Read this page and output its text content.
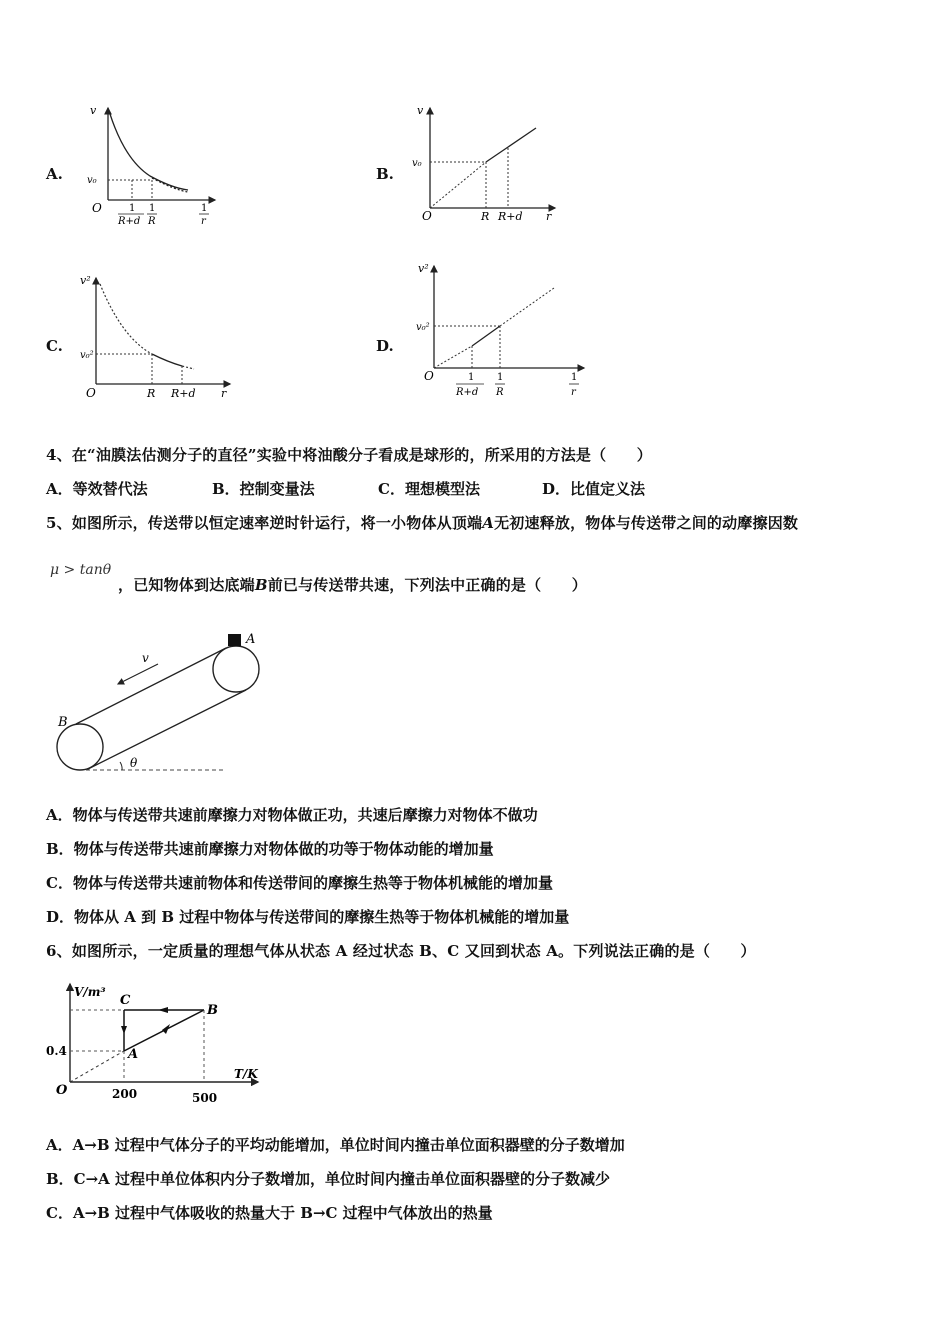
A.
v
v₀
O	1
R+d
1
R
1
r
B.
v
v₀
O	R R+d r
C.
v²
v₀²
O	R R+d r
D.
v²
v₀²
O	1
R+d
1
R
1
r
4、在“油膜法估测分子的直径”实验中将油酸分子看成是球形的，所采用的方法是（　　）
A．等效替代法	B．控制变量法	C．理想模型法	D．比值定义法
5、如图所示，传送带以恒定速率逆时针运行，将一小物体从顶端A无初速释放，物体与传送带之间的动摩擦因数
μ > tanθ
，已知物体到达底端B前已与传送带共速，下列法中正确的是（　　）
A
B
v
θ
A．物体与传送带共速前摩擦力对物体做正功，共速后摩擦力对物体不做功
B．物体与传送带共速前摩擦力对物体做的功等于物体动能的增加量
C．物体与传送带共速前物体和传送带间的摩擦生热等于物体机械能的增加量
D．物体从 A 到 B 过程中物体与传送带间的摩擦生热等于物体机械能的增加量
6、如图所示，一定质量的理想气体从状态 A 经过状态 B、C 又回到状态 A。下列说法正确的是（　　）
V/m³
T/K
O
0.4
200	500
A
B
C
A．A→B 过程中气体分子的平均动能增加，单位时间内撞击单位面积器壁的分子数增加
B．C→A 过程中单位体积内分子数增加，单位时间内撞击单位面积器壁的分子数减少
C．A→B 过程中气体吸收的热量大于 B→C 过程中气体放出的热量
